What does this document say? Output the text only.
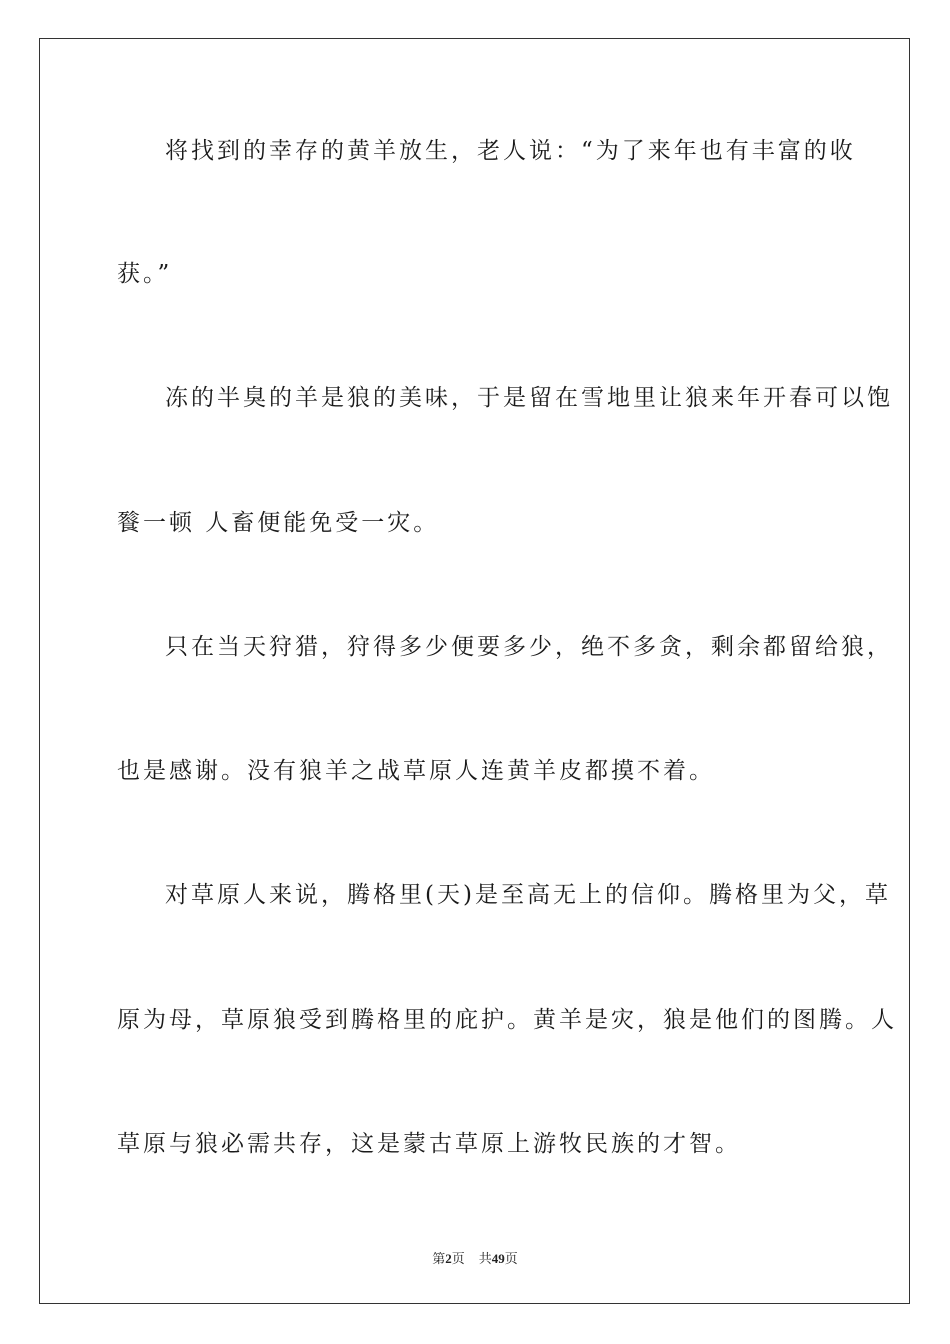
将找到的幸存的黄羊放生，老人说：“为了来年也有丰富的收
获。”
冻的半臭的羊是狼的美味，于是留在雪地里让狼来年开春可以饱
餮一顿 人畜便能免受一灾。
只在当天狩猎，狩得多少便要多少，绝不多贪，剩余都留给狼，
也是感谢。没有狼羊之战草原人连黄羊皮都摸不着。
对草原人来说，腾格里(天)是至高无上的信仰。腾格里为父，草
原为母，草原狼受到腾格里的庇护。黄羊是灾，狼是他们的图腾。人
草原与狼必需共存，这是蒙古草原上游牧民族的才智。
第2页 共49页
